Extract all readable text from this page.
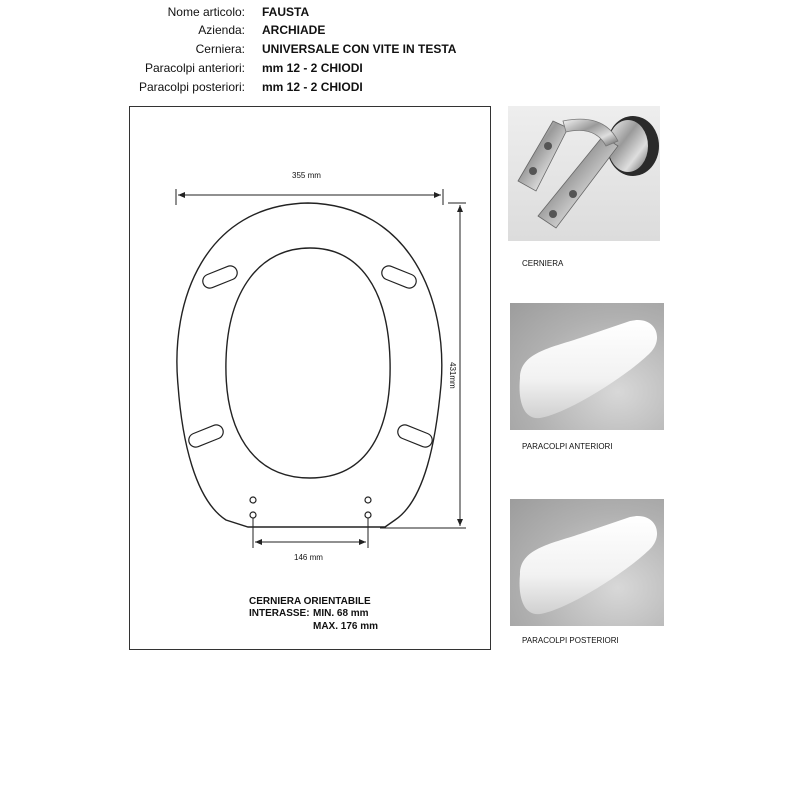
Nome articolo: FAUSTA
Azienda: ARCHIADE
Cerniera: UNIVERSALE CON VITE IN TESTA
Paracolpi anteriori: mm 12 - 2 CHIODI
Paracolpi posteriori: mm 12 - 2 CHIODI
355 mm
431mm
146 mm
CERNIERA ORIENTABILE
INTERASSE: MIN. 68 mm
MAX. 176 mm
CERNIERA
PARACOLPI ANTERIORI
PARACOLPI POSTERIORI
